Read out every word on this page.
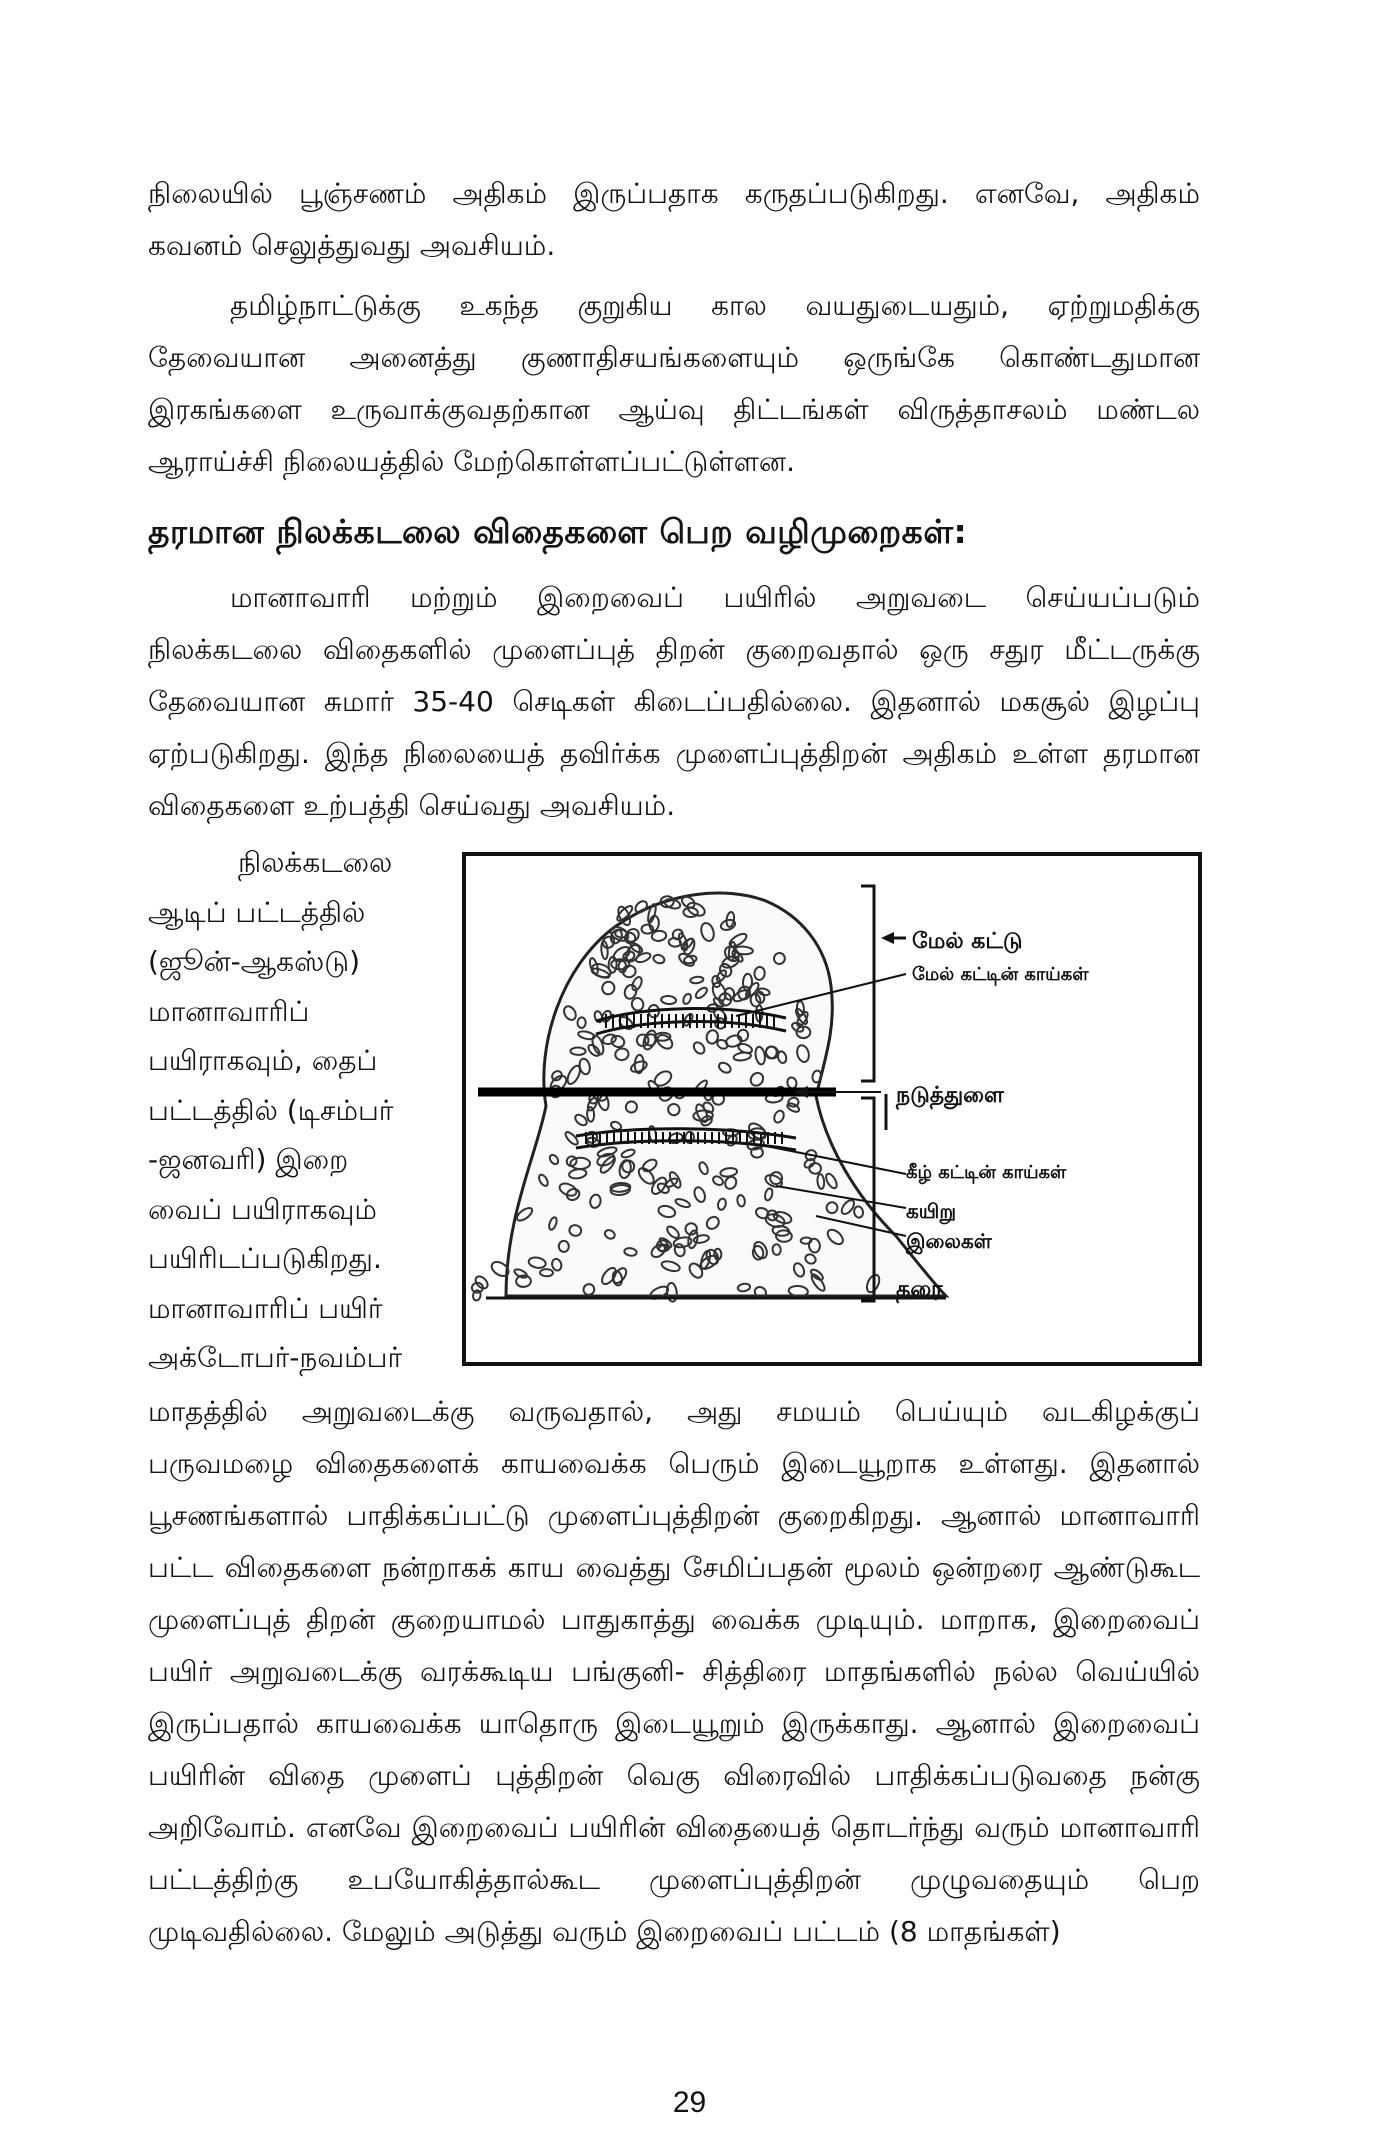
நிலையில் பூஞ்சணம் அதிகம் இருப்பதாக கருதப்படுகிறது. எனவே, அதிகம் கவனம் செலுத்துவது அவசியம்.

தமிழ்நாட்டுக்கு உகந்த குறுகிய கால வயதுடையதும், ஏற்றுமதிக்கு தேவையான அனைத்து குணாதிசயங்களையும் ஒருங்கே கொண்டதுமான இரகங்களை உருவாக்குவதற்கான ஆய்வு திட்டங்கள் விருத்தாசலம் மண்டல ஆராய்ச்சி நிலையத்தில் மேற்கொள்ளப்பட்டுள்ளன.

தரமான நிலக்கடலை விதைகளை பெற வழிமுறைகள்:

மானாவாரி மற்றும் இறைவைப் பயிரில் அறுவடை செய்யப்படும் நிலக்கடலை விதைகளில் முளைப்புத் திறன் குறைவதால் ஒரு சதுர மீட்டருக்கு தேவையான சுமார் 35-40 செடிகள் கிடைப்பதில்லை. இதனால் மகசூல் இழப்பு ஏற்படுகிறது. இந்த நிலையைத் தவிர்க்க முளைப்புத்திறன் அதிகம் உள்ள தரமான விதைகளை உற்பத்தி செய்வது அவசியம்.

நிலக்கடலை
ஆடிப் பட்டத்தில்
(ஜூன்-ஆகஸ்டு)
மானாவாரிப்
பயிராகவும், தைப்
பட்டத்தில் (டிசம்பர்
-ஜனவரி) இறை
வைப் பயிராகவும்
பயிரிடப்படுகிறது.
மானாவாரிப் பயிர்
அக்டோபர்-நவம்பர்
மேல் கட்டு
மேல் கட்டின் காய்கள்
நடுத்துளை
கீழ் கட்டின் காய்கள்
கயிறு
இலைகள்
தரை

மாதத்தில் அறுவடைக்கு வருவதால், அது சமயம் பெய்யும் வடகிழக்குப் பருவமழை விதைகளைக் காயவைக்க பெரும் இடையூறாக உள்ளது. இதனால் பூசணங்களால் பாதிக்கப்பட்டு முளைப்புத்திறன் குறைகிறது. ஆனால் மானாவாரி பட்ட விதைகளை நன்றாகக் காய வைத்து சேமிப்பதன் மூலம் ஒன்றரை ஆண்டுகூட முளைப்புத் திறன் குறையாமல் பாதுகாத்து வைக்க முடியும். மாறாக, இறைவைப் பயிர் அறுவடைக்கு வரக்கூடிய பங்குனி- சித்திரை மாதங்களில் நல்ல வெய்யில் இருப்பதால் காயவைக்க யாதொரு இடையூறும் இருக்காது. ஆனால் இறைவைப் பயிரின் விதை முளைப் புத்திறன் வெகு விரைவில் பாதிக்கப்படுவதை நன்கு அறிவோம். எனவே இறைவைப் பயிரின் விதையைத் தொடர்ந்து வரும் மானாவாரி பட்டத்திற்கு உபயோகித்தால்கூட முளைப்புத்திறன் முழுவதையும் பெற முடிவதில்லை. மேலும் அடுத்து வரும் இறைவைப் பட்டம் (8 மாதங்கள்)

29
